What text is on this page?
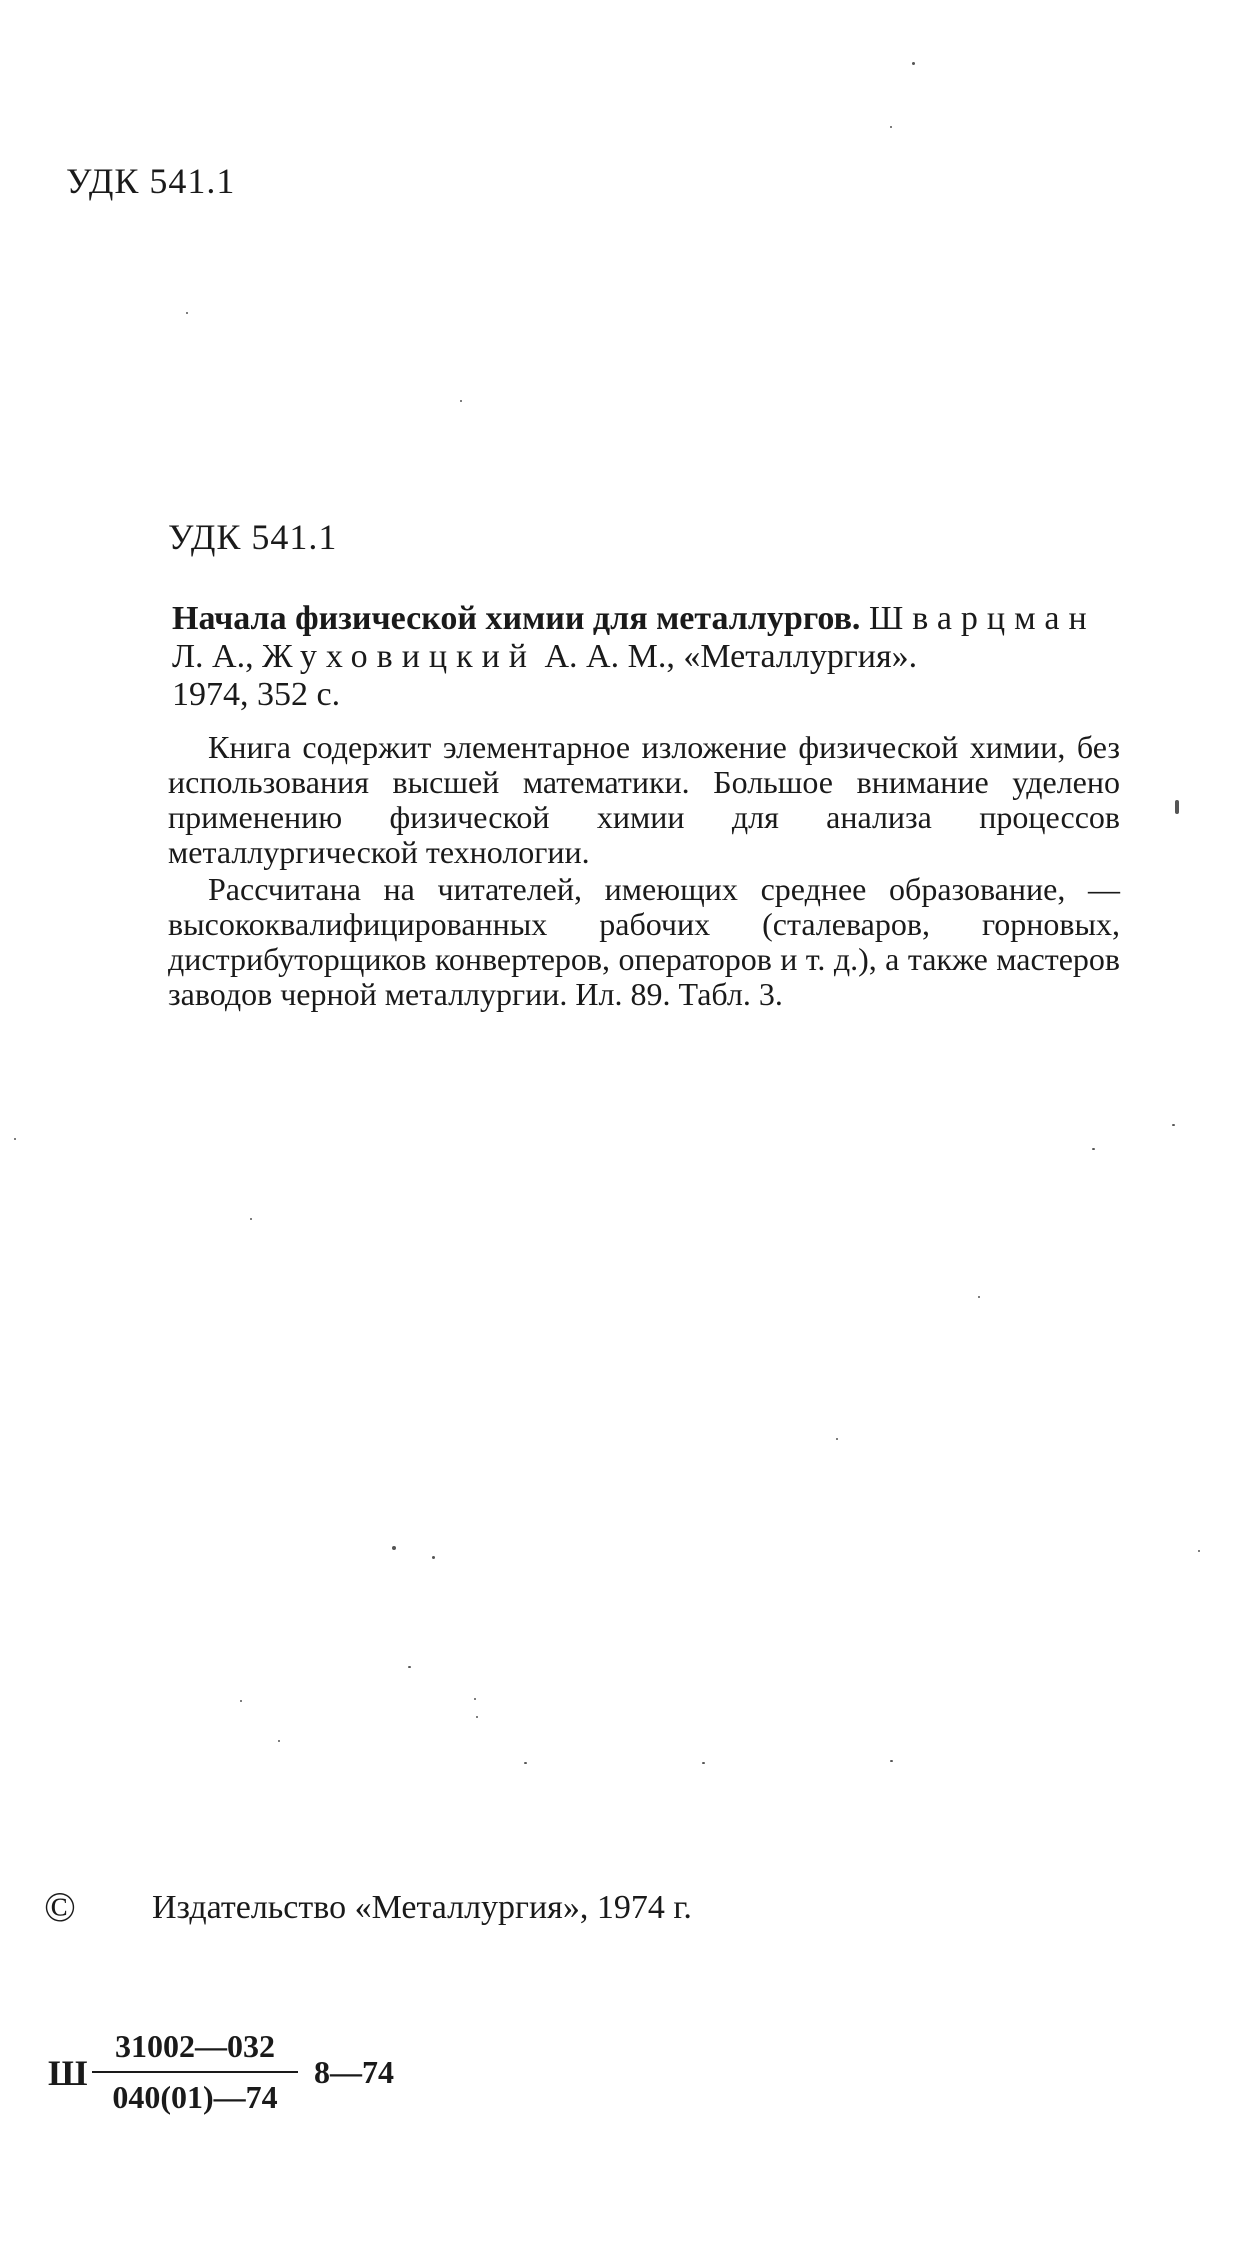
УДК 541.1
УДК 541.1
Начала физической химии для металлургов. Шварцман Л. А., Жуховицкий А. А. М., «Металлургия».
1974, 352 с.

Книга содержит элементарное изложение физической химии, без использования высшей математики. Большое внимание уделено применению физической химии для анализа процессов металлургической технологии.

Рассчитана на читателей, имеющих среднее образование, — высококвалифицированных рабочих (сталеваров, горновых, дистрибуторщиков конвертеров, операторов и т. д.), а также мастеров заводов черной металлургии. Ил. 89. Табл. 3.

© Издательство «Металлургия», 1974 г.
Ш $\frac{31002—032}{040(01)—74}$ 8—74
